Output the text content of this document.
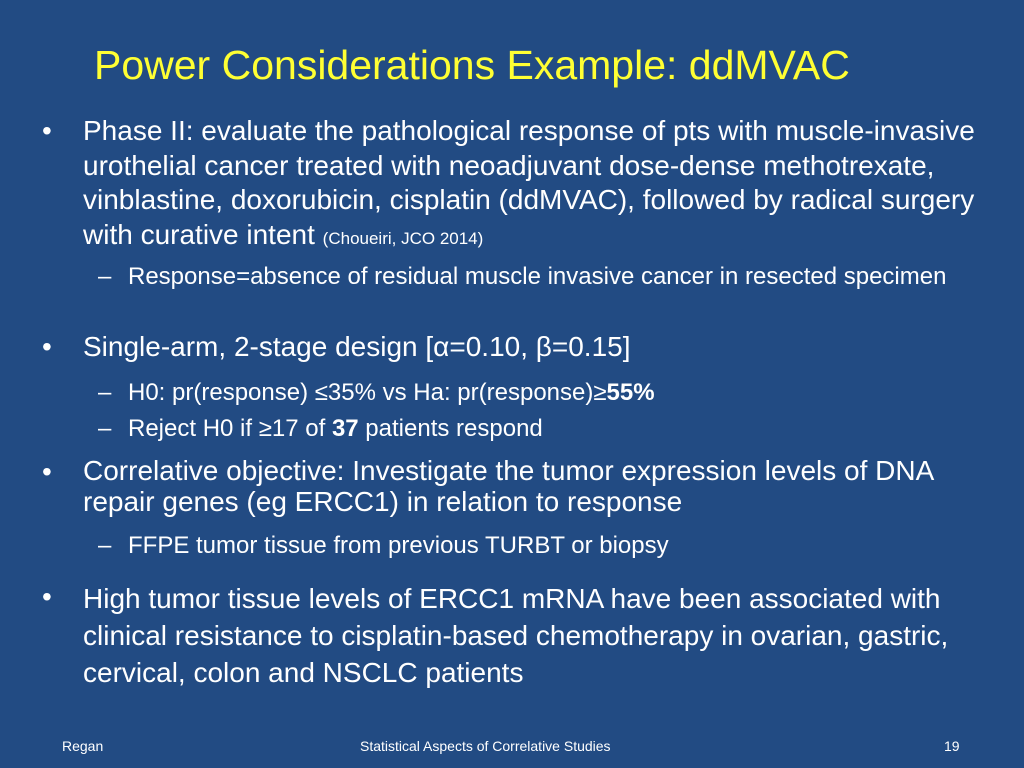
Power Considerations Example: ddMVAC
• Phase II: evaluate the pathological response of pts with muscle-invasive urothelial cancer treated with neoadjuvant dose-dense methotrexate, vinblastine, doxorubicin, cisplatin (ddMVAC), followed by radical surgery with curative intent (Choueiri, JCO 2014)
– Response=absence of residual muscle invasive cancer in resected specimen
• Single-arm, 2-stage design [α=0.10, β=0.15]
– H0: pr(response) ≤35% vs Ha: pr(response)≥55%
– Reject H0 if ≥17 of 37 patients respond
• Correlative objective: Investigate the tumor expression levels of DNA repair genes (eg ERCC1) in relation to response
– FFPE tumor tissue from previous TURBT or biopsy
• High tumor tissue levels of ERCC1 mRNA have been associated with clinical resistance to cisplatin-based chemotherapy in ovarian, gastric, cervical, colon and NSCLC patients
Regan	Statistical Aspects of Correlative Studies	19
